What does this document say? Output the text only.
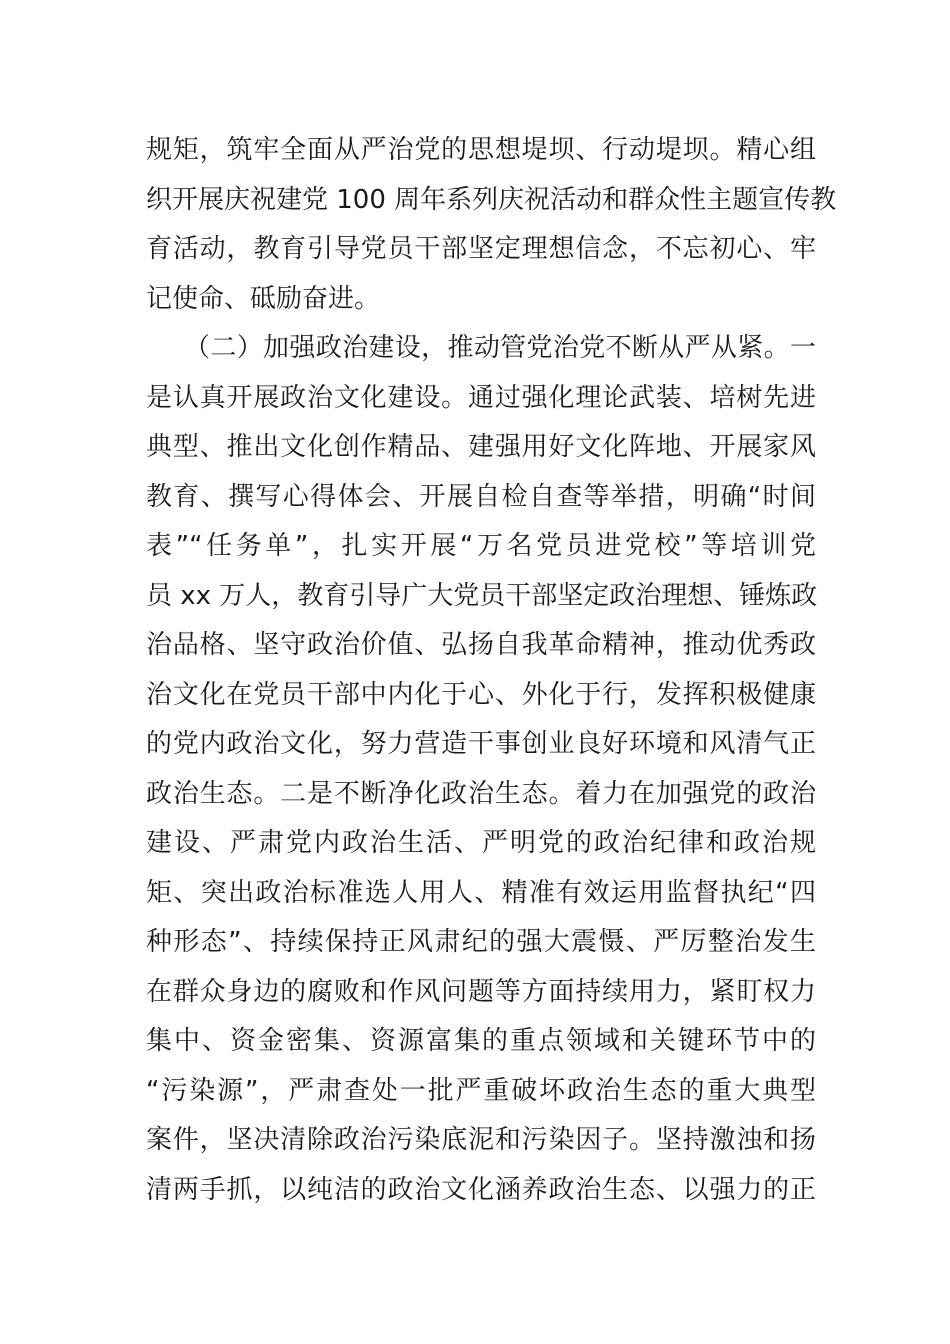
规矩，筑牢全面从严治党的思想堤坝、行动堤坝。精心组
织开展庆祝建党 100 周年系列庆祝活动和群众性主题宣传教
育活动，教育引导党员干部坚定理想信念，不忘初心、牢
记使命、砥励奋进。
（二）加强政治建设，推动管党治党不断从严从紧。一
是认真开展政治文化建设。通过强化理论武装、培树先进
典型、推出文化创作精品、建强用好文化阵地、开展家风
教育、撰写心得体会、开展自检自查等举措，明确“时间
表”“任务单”，扎实开展“万名党员进党校”等培训党
员 xx 万人，教育引导广大党员干部坚定政治理想、锤炼政
治品格、坚守政治价值、弘扬自我革命精神，推动优秀政
治文化在党员干部中内化于心、外化于行，发挥积极健康
的党内政治文化，努力营造干事创业良好环境和风清气正
政治生态。二是不断净化政治生态。着力在加强党的政治
建设、严肃党内政治生活、严明党的政治纪律和政治规
矩、突出政治标准选人用人、精准有效运用监督执纪“四
种形态”、持续保持正风肃纪的强大震慑、严厉整治发生
在群众身边的腐败和作风问题等方面持续用力，紧盯权力
集中、资金密集、资源富集的重点领域和关键环节中的
“污染源”，严肃查处一批严重破坏政治生态的重大典型
案件，坚决清除政治污染底泥和污染因子。坚持激浊和扬
清两手抓，以纯洁的政治文化涵养政治生态、以强力的正
